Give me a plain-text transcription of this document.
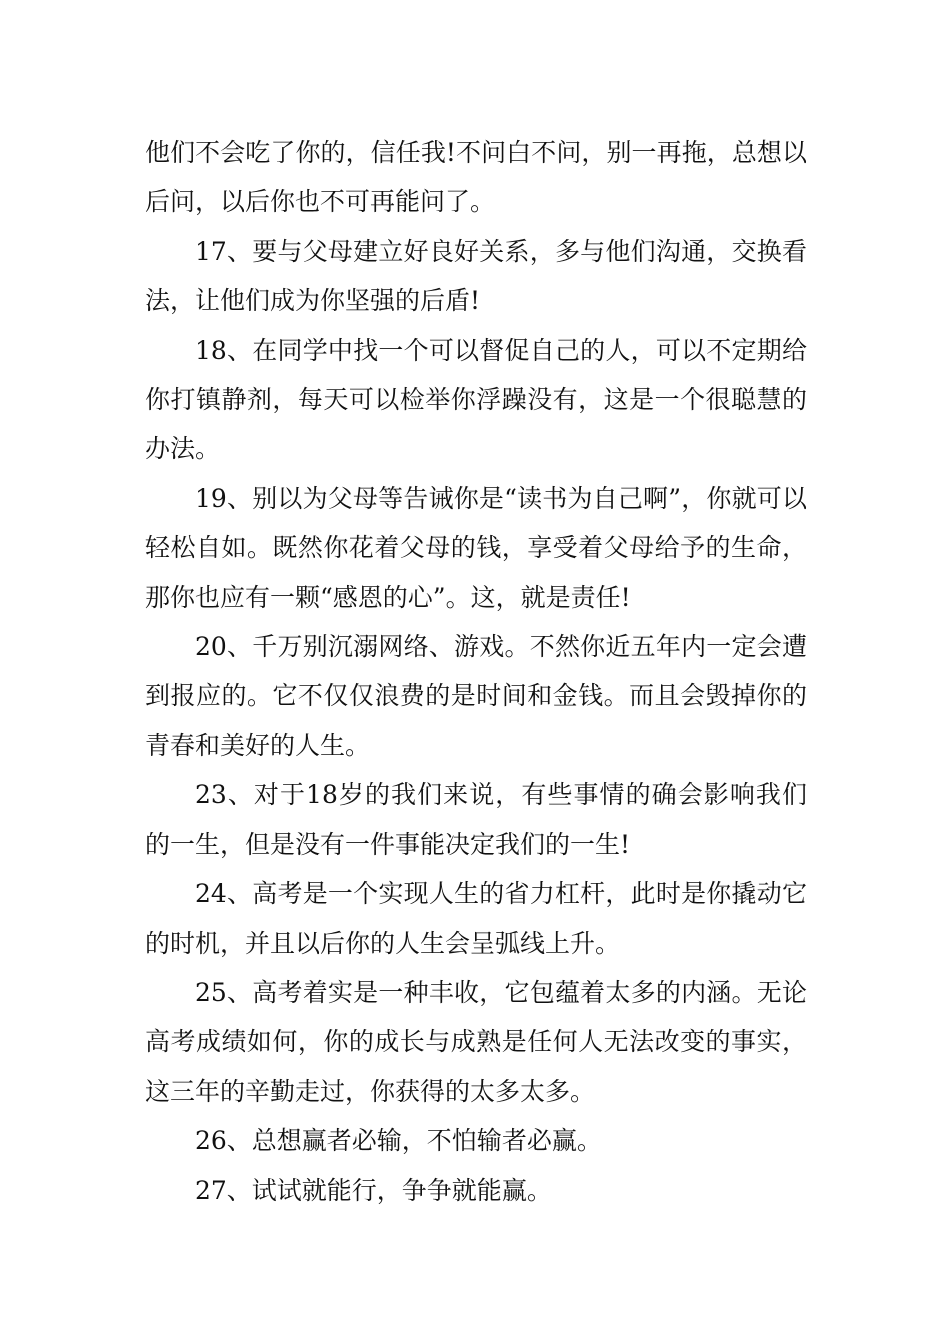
他们不会吃了你的，信任我!不问白不问，别一再拖，总想以后问，以后你也不可再能问了。

17、要与父母建立好良好关系，多与他们沟通，交换看法，让他们成为你坚强的后盾!

18、在同学中找一个可以督促自己的人，可以不定期给你打镇静剂，每天可以检举你浮躁没有，这是一个很聪慧的办法。

19、别以为父母等告诫你是“读书为自己啊”，你就可以轻松自如。既然你花着父母的钱，享受着父母给予的生命，那你也应有一颗“感恩的心”。这，就是责任!

20、千万别沉溺网络、游戏。不然你近五年内一定会遭到报应的。它不仅仅浪费的是时间和金钱。而且会毁掉你的青春和美好的人生。

23、对于18岁的我们来说，有些事情的确会影响我们的一生，但是没有一件事能决定我们的一生!

24、高考是一个实现人生的省力杠杆，此时是你撬动它的时机，并且以后你的人生会呈弧线上升。

25、高考着实是一种丰收，它包蕴着太多的内涵。无论高考成绩如何，你的成长与成熟是任何人无法改变的事实，这三年的辛勤走过，你获得的太多太多。

26、总想赢者必输，不怕输者必赢。

27、试试就能行，争争就能赢。
